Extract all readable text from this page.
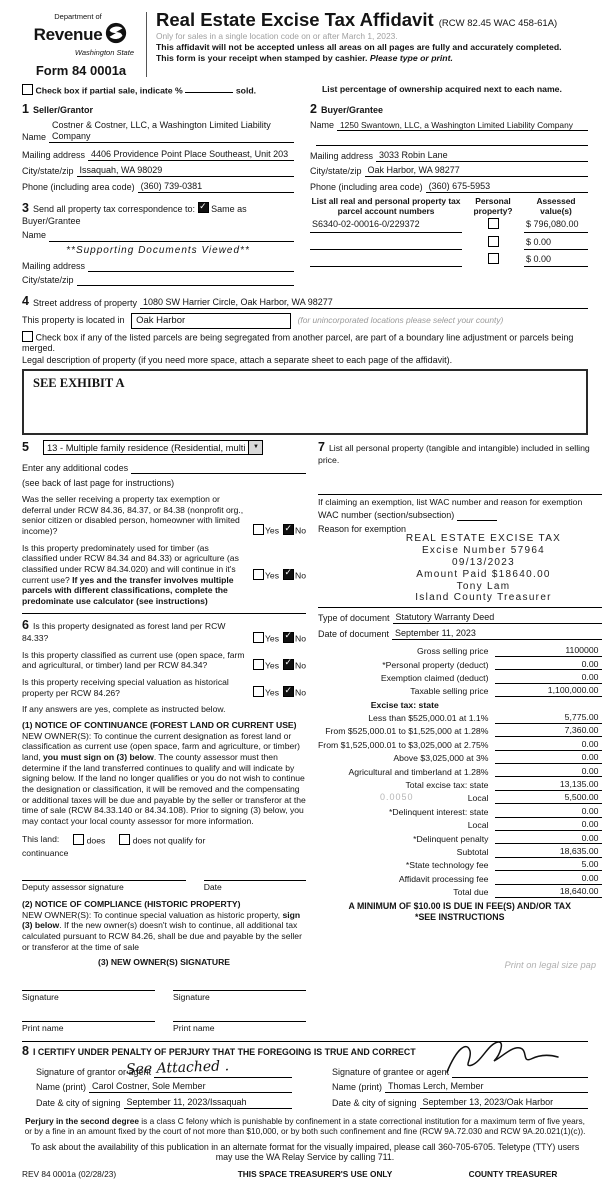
Department of
Revenue
Washington State
Form 84 0001a
Real Estate Excise Tax Affidavit (RCW 82.45 WAC 458-61A)
Only for sales in a single location code on or after March 1, 2023.
This affidavit will not be accepted unless all areas on all pages are fully and accurately completed.
This form is your receipt when stamped by cashier. Please type or print.
Check box if partial sale, indicate %	sold.	List percentage of ownership acquired next to each name.
1 Seller/Grantor
Name
Costner & Costner, LLC, a Washington Limited Liability Company
Mailing address 4406 Providence Point Place Southeast, Unit 203
City/state/zip Issaquah, WA 98029
Phone (including area code) (360) 739-0381
3 Send all property tax correspondence to: ✓ Same as Buyer/Grantee
Name
**Supporting Documents Viewed**
Mailing address
City/state/zip
2 Buyer/Grantee
Name 1250 Swantown, LLC, a Washington Limited Liability Company
Mailing address 3033 Robin Lane
City/state/zip Oak Harbor, WA 98277
Phone (including area code) (360) 675-5953
List all real and personal property tax parcel account numbers
Personal property?
Assessed value(s)
S6340-02-00016-0/229372	$ 796,080.00
$ 0.00
$ 0.00
4 Street address of property 1080 SW Harrier Circle, Oak Harbor, WA 98277
This property is located in Oak Harbor	(for unincorporated locations please select your county)
Check box if any of the listed parcels are being segregated from another parcel, are part of a boundary line adjustment or parcels being merged.
Legal description of property (if you need more space, attach a separate sheet to each page of the affidavit).
SEE EXHIBIT A
5	13 - Multiple family residence (Residential, multi	▼
Enter any additional codes
(see back of last page for instructions)
Was the seller receiving a property tax exemption or deferral under RCW 84.36, 84.37, or 84.38 (nonprofit org., senior citizen or disabled person, homeowner with limited income)?	Yes ✓ No
Is this property predominately used for timber (as classified under RCW 84.34 and 84.33) or agriculture (as classified under RCW 84.34.020) and will continue in it's current use? If yes and the transfer involves multiple parcels with different classifications, complete the predominate use calculator (see instructions)
Yes ✓ No
6 Is this property designated as forest land per RCW 84.33?	Yes ✓ No
Is this property classified as current use (open space, farm and agricultural, or timber) land per RCW 84.34?	Yes ✓ No
Is this property receiving special valuation as historical property per RCW 84.26?	Yes ✓ No
If any answers are yes, complete as instructed below.
(1) NOTICE OF CONTINUANCE (FOREST LAND OR CURRENT USE)
NEW OWNER(S): To continue the current designation as forest land or classification as current use (open space, farm and agriculture, or timber) land, you must sign on (3) below. The county assessor must then determine if the land transferred continues to qualify and will indicate by signing below. If the land no longer qualifies or you do not wish to continue the designation or classification, it will be removed and the compensating or additional taxes will be due and payable by the seller or transferor at the time of sale (RCW 84.33.140 or 84.34.108). Prior to signing (3) below, you may contact your local county assessor for more information.
This land:	does	does not qualify for
continuance
Deputy assessor signature	Date
(2) NOTICE OF COMPLIANCE (HISTORIC PROPERTY)
NEW OWNER(S): To continue special valuation as historic property, sign (3) below. If the new owner(s) doesn't wish to continue, all additional tax calculated pursuant to RCW 84.26, shall be due and payable by the seller or transferor at the time of sale
(3) NEW OWNER(S) SIGNATURE
Signature	Signature
Print name	Print name
7 List all personal property (tangible and intangible) included in selling price.
If claiming an exemption, list WAC number and reason for exemption
WAC number (section/subsection)
Reason for exemption
REAL ESTATE EXCISE TAX
Excise Number 57964
09/13/2023
Amount Paid $18640.00
Tony Lam
Island County Treasurer
Type of document Statutory Warranty Deed
Date of document September 11, 2023
Gross selling price	1100000
*Personal property (deduct)	0.00
Exemption claimed (deduct)	0.00
Taxable selling price	1,100,000.00
Excise tax: state
Less than $525,000.01 at 1.1%	5,775.00
From $525,000.01 to $1,525,000 at 1.28%	7,360.00
From $1,525,000.01 to $3,025,000 at 2.75%	0.00
Above $3,025,000 at 3%	0.00
Agricultural and timberland at 1.28%	0.00
Total excise tax: state	13,135.00
0.0050	Local	5,500.00
*Delinquent interest: state	0.00
Local	0.00
*Delinquent penalty	0.00
Subtotal	18,635.00
*State technology fee	5.00
Affidavit processing fee	0.00
Total due	18,640.00
A MINIMUM OF $10.00 IS DUE IN FEE(S) AND/OR TAX
*SEE INSTRUCTIONS
8 I CERTIFY UNDER PENALTY OF PERJURY THAT THE FOREGOING IS TRUE AND CORRECT
Signature of grantor or agent
See Attached .
Name (print) Carol Costner, Sole Member
Date & city of signing September 11, 2023/Issaquah
Signature of grantee or agent
Name (print) Thomas Lerch, Member
Date & city of signing September 13, 2023/Oak Harbor
Perjury in the second degree is a class C felony which is punishable by confinement in a state correctional institution for a maximum term of five years, or by a fine in an amount fixed by the court of not more than $10,000, or by both such confinement and fine (RCW 9A.72.030 and RCW 9A.20.021(1)(c)).
To ask about the availability of this publication in an alternate format for the visually impaired, please call 360-705-6705. Teletype (TTY) users may use the WA Relay Service by calling 711.
REV 84 0001a (02/28/23)	THIS SPACE TREASURER'S USE ONLY	COUNTY TREASURER
Print on legal size pap
